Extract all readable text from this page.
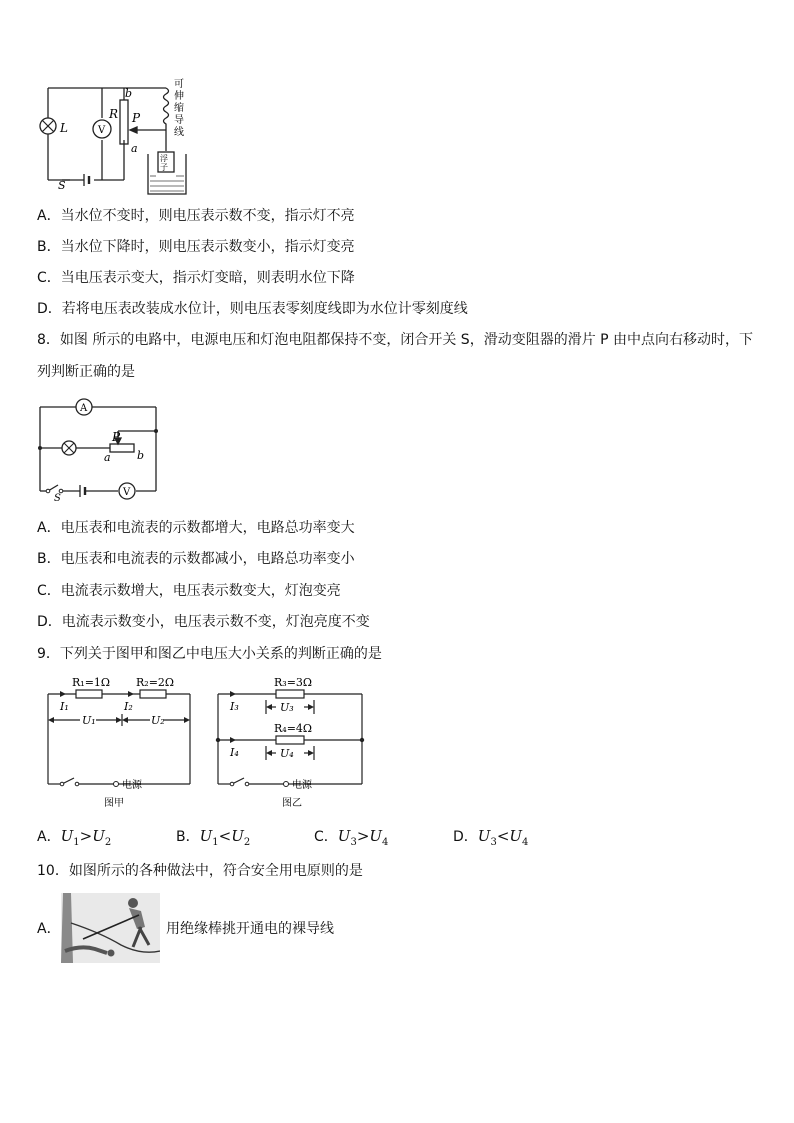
L
R
V
b
P
a
S
浮
子
可
伸
缩
导
线
A．当水位不变时，则电压表示数不变，指示灯不亮
B．当水位下降时，则电压表示数变小，指示灯变亮
C．当电压表示变大，指示灯变暗，则表明水位下降
D．若将电压表改装成水位计，则电压表零刻度线即为水位计零刻度线
8．如图 所示的电路中，电源电压和灯泡电阻都保持不变，闭合开关 S，滑动变阻器的滑片 P 由中点向右移动时，下
列判断正确的是
A
V
P
a b
S
A．电压表和电流表的示数都增大，电路总功率变大
B．电压表和电流表的示数都减小，电路总功率变小
C．电流表示数增大，电压表示数变大，灯泡变亮
D．电流表示数变小，电压表示数不变，灯泡亮度不变
9．下列关于图甲和图乙中电压大小关系的判断正确的是
R₁=1Ω R₂=2Ω
I₁	I₂
U₁	U₂
电源
图甲
R₃=3Ω
R₄=4Ω
I₃
I₄
U₃
U₄
电源
图乙
A．$U_1>U_2$	B．$U_1<U_2$	C．$U_3>U_4$	D．$U_3<U_4$
10．如图所示的各种做法中，符合安全用电原则的是
A．	用绝缘棒挑开通电的裸导线
